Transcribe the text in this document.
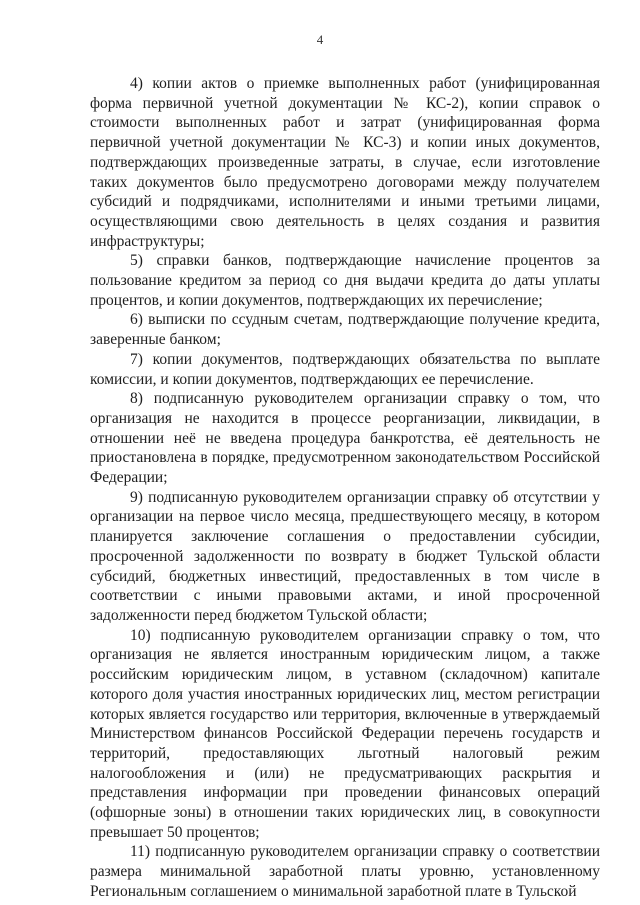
4

4) копии актов о приемке выполненных работ (унифицированная форма первичной учетной документации № КС-2), копии справок о стоимости выполненных работ и затрат (унифицированная форма первичной учетной документации № КС-3) и копии иных документов, подтверждающих произведенные затраты, в случае, если изготовление таких документов было предусмотрено договорами между получателем субсидий и подрядчиками, исполнителями и иными третьими лицами, осуществляющими свою деятельность в целях создания и развития инфраструктуры;

5) справки банков, подтверждающие начисление процентов за пользование кредитом за период со дня выдачи кредита до даты уплаты процентов, и копии документов, подтверждающих их перечисление;

6) выписки по ссудным счетам, подтверждающие получение кредита, заверенные банком;

7) копии документов, подтверждающих обязательства по выплате комиссии, и копии документов, подтверждающих ее перечисление.

8) подписанную руководителем организации справку о том, что организация не находится в процессе реорганизации, ликвидации, в отношении неё не введена процедура банкротства, её деятельность не приостановлена в порядке, предусмотренном законодательством Российской Федерации;

9) подписанную руководителем организации справку об отсутствии у организации на первое число месяца, предшествующего месяцу, в котором планируется заключение соглашения о предоставлении субсидии, просроченной задолженности по возврату в бюджет Тульской области субсидий, бюджетных инвестиций, предоставленных в том числе в соответствии с иными правовыми актами, и иной просроченной задолженности перед бюджетом Тульской области;

10) подписанную руководителем организации справку о том, что организация не является иностранным юридическим лицом, а также российским юридическим лицом, в уставном (складочном) капитале которого доля участия иностранных юридических лиц, местом регистрации которых является государство или территория, включенные в утверждаемый Министерством финансов Российской Федерации перечень государств и территорий, предоставляющих льготный налоговый режим налогообложения и (или) не предусматривающих раскрытия и представления информации при проведении финансовых операций (офшорные зоны) в отношении таких юридических лиц, в совокупности превышает 50 процентов;

11) подписанную руководителем организации справку о соответствии размера минимальной заработной платы уровню, установленному Региональным соглашением о минимальной заработной плате в Тульской
